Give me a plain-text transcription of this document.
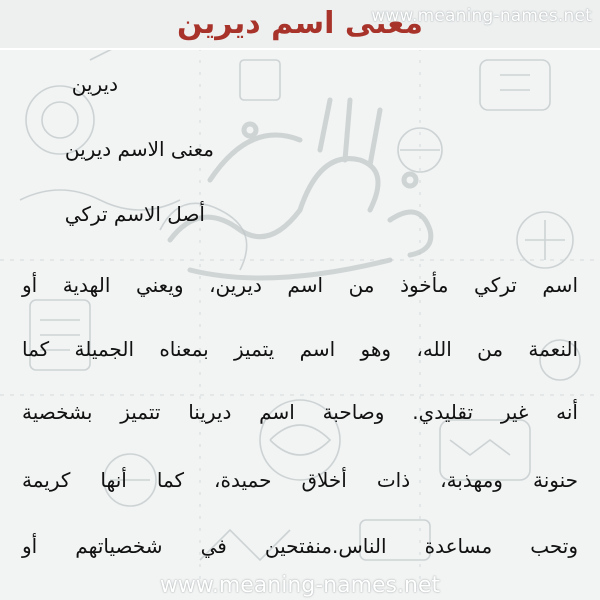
معنى اسم ديرين
www.meaning-names.net
ديرين
معنى الاسم ديرين
أصل الاسم تركي
اسم تركي مأخوذ من اسم ديرين، ويعني الهدية أو
النعمة من الله، وهو اسم يتميز بمعناه الجميلة كما
أنه غير تقليدي. وصاحبة اسم ديرينا تتميز بشخصية
حنونة ومهذبة، ذات أخلاق حميدة، كما أنها كريمة
وتحب مساعدة الناس.منفتحين في شخصياتهم أو
www.meaning-names.net
